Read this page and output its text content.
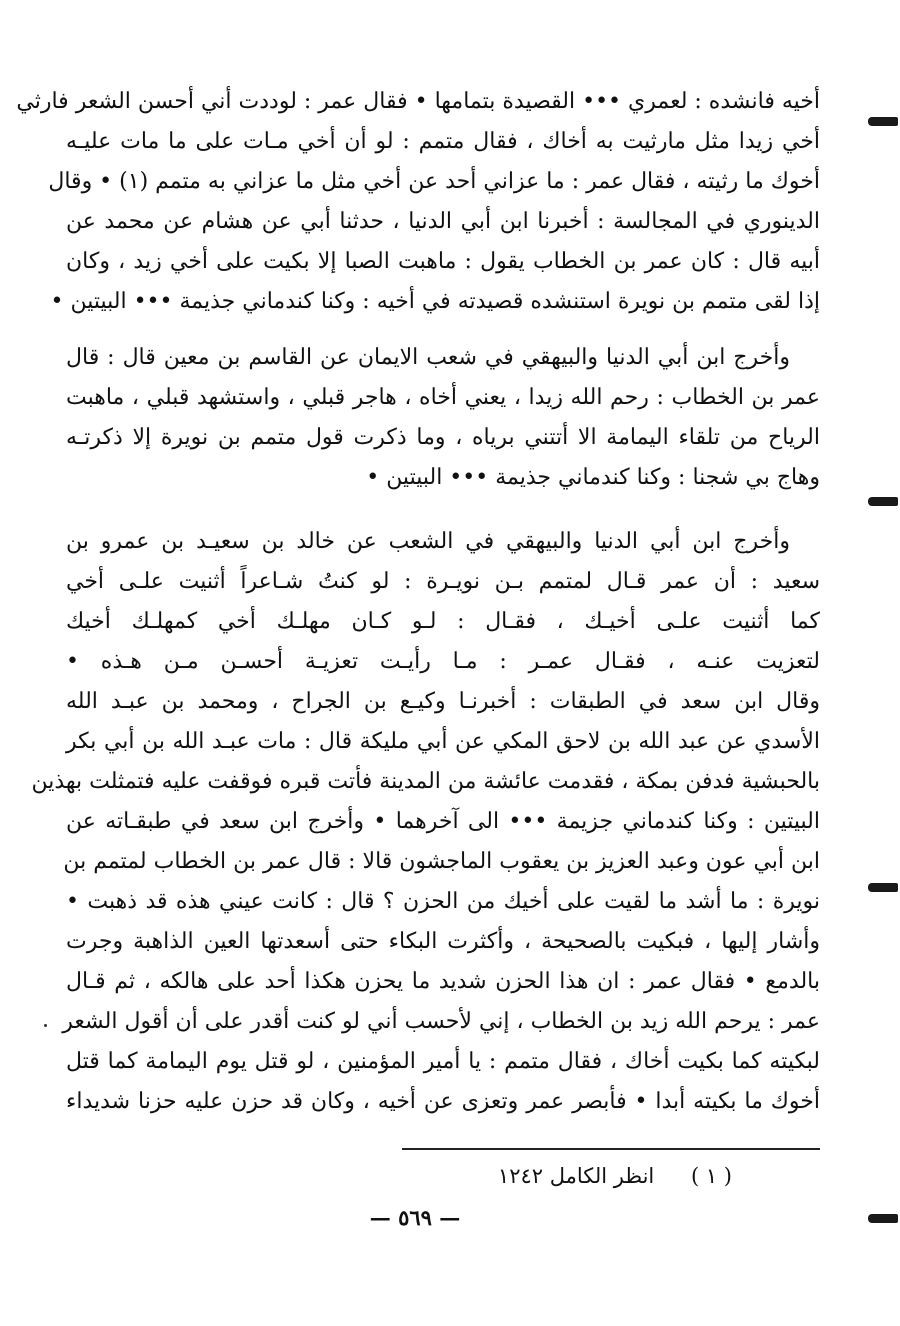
أخيه فانشده : لعمري ••• القصيدة بتمامها • فقال عمر : لوددت أني أحسن الشعر فارثي
أخي زيدا مثل مارثيت به أخاك ، فقال متمم : لو أن أخي مـات على ما مات عليـه
أخوك ما رثيته ، فقال عمر : ما عزاني أحد عن أخي مثل ما عزاني به متمم (١) • وقال
الدينوري في المجالسة : أخبرنا ابن أبي الدنيا ، حدثنا أبي عن هشام عن محمد عن
أبيه قال : كان عمر بن الخطاب يقول : ماهبت الصبا إلا بكيت على أخي زيد ، وكان
إذا لقى متمم بن نويرة استنشده قصيدته في أخيه : وكنا كندماني جذيمة ••• البيتين •
وأخرج ابن أبي الدنيا والبيهقي في شعب الايمان عن القاسم بن معين قال : قال
عمر بن الخطاب : رحم الله زيدا ، يعني أخاه ، هاجر قبلي ، واستشهد قبلي ، ماهبت
الرياح من تلقاء اليمامة الا أتتني برياه ، وما ذكرت قول متمم بن نويرة إلا ذكرتـه
وهاج بي شجنا : وكنا كندماني جذيمة ••• البيتين •
وأخرج ابن أبي الدنيا والبيهقي في الشعب عن خالد بن سعيـد بن عمرو بن
سعيد : أن عمر قـال لمتمم بـن نويـرة : لو كنتُ شـاعراً أثنيت علـى أخي
كما أثنيت علـى أخيـك ، فقـال : لـو كـان مهلـك أخي كمهلـك أخيك
لتعزيت عنـه ، فقـال عمـر : مـا رأيـت تعزيـة أحسـن مـن هـذه •
وقال ابن سعد في الطبقات : أخبرنـا وكيـع بن الجراح ، ومحمد بن عبـد الله
الأسدي عن عبد الله بن لاحق المكي عن أبي مليكة قال : مات عبـد الله بن أبي بكر
بالحبشية فدفن بمكة ، فقدمت عائشة من المدينة فأتت قبره فوقفت عليه فتمثلت بهذين
البيتين : وكنا كندماني جزيمة ••• الى آخرهما • وأخرج ابن سعد في طبقـاته عن
ابن أبي عون وعبد العزيز بن يعقوب الماجشون قالا : قال عمر بن الخطاب لمتمم بن
نويرة : ما أشد ما لقيت على أخيك من الحزن ؟ قال : كانت عيني هذه قد ذهبت •
وأشار إليها ، فبكيت بالصحيحة ، وأكثرت البكاء حتى أسعدتها العين الذاهبة وجرت
بالدمع • فقال عمر : ان هذا الحزن شديد ما يحزن هكذا أحد على هالكه ، ثم قـال
عمر : يرحم الله زيد بن الخطاب ، إني لأحسب أني لو كنت أقدر على أن أقول الشعر
لبكيته كما بكيت أخاك ، فقال متمم : يا أمير المؤمنين ، لو قتل يوم اليمامة كما قتل
أخوك ما بكيته أبدا • فأبصر عمر وتعزى عن أخيه ، وكان قد حزن عليه حزنا شديداء
( ١ ) انظر الكامل ١٢٤٢
— ٥٦٩ —
